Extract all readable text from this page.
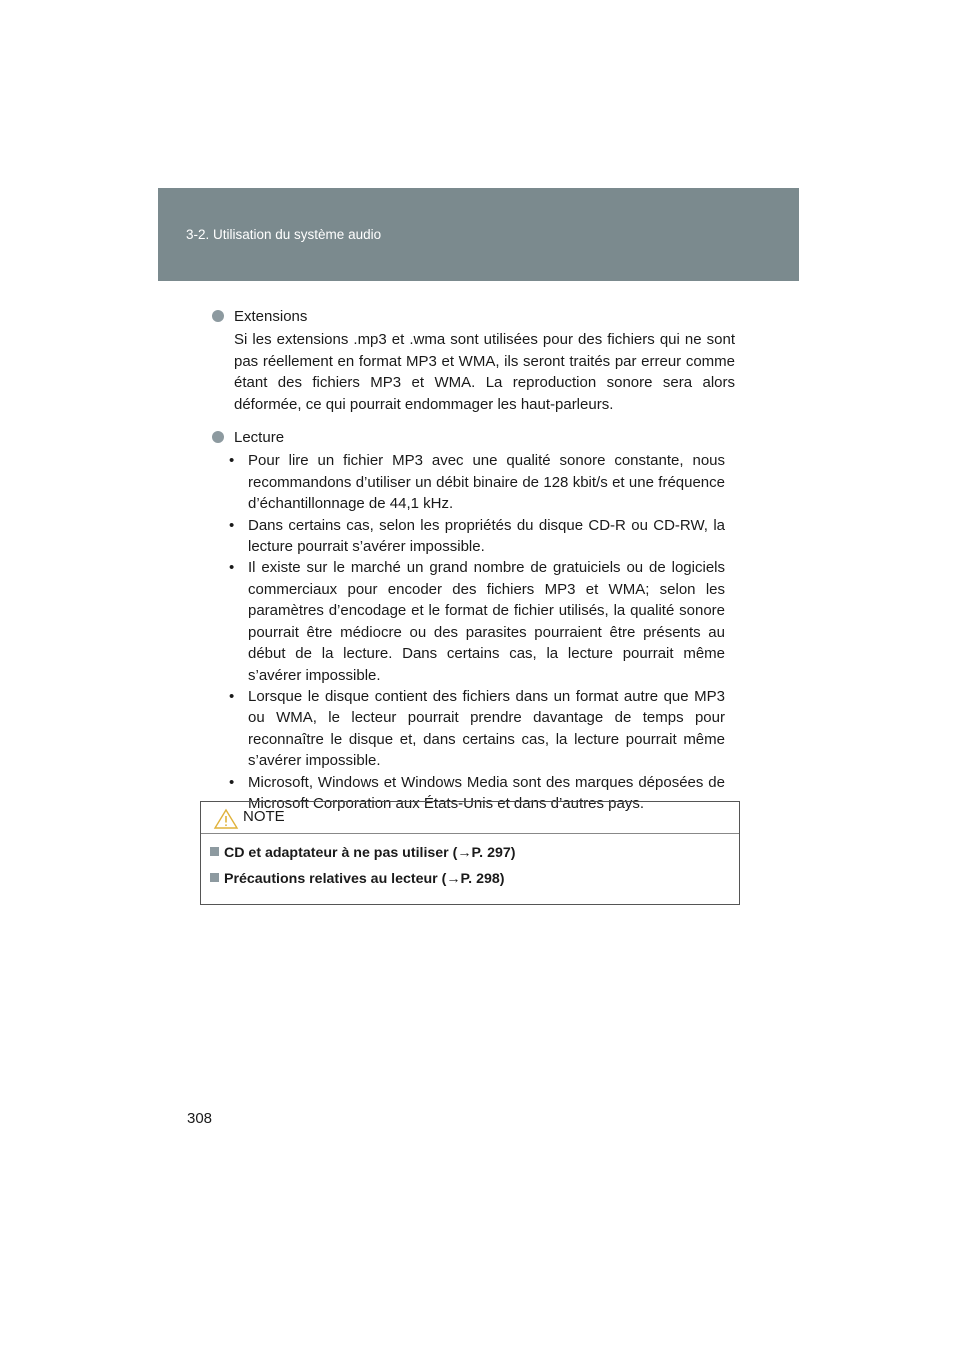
3-2. Utilisation du système audio

Extensions

Si les extensions .mp3 et .wma sont utilisées pour des fichiers qui ne sont pas réellement en format MP3 et WMA, ils seront traités par erreur comme étant des fichiers MP3 et WMA. La reproduction sonore sera alors déformée, ce qui pourrait endommager les haut-parleurs.

Lecture

• Pour lire un fichier MP3 avec une qualité sonore constante, nous recommandons d’utiliser un débit binaire de 128 kbit/s et une fréquence d’échantillonnage de 44,1 kHz.
• Dans certains cas, selon les propriétés du disque CD-R ou CD-RW, la lecture pourrait s’avérer impossible.
• Il existe sur le marché un grand nombre de gratuiciels ou de logiciels commerciaux pour encoder des fichiers MP3 et WMA; selon les paramètres d’encodage et le format de fichier utilisés, la qualité sonore pourrait être médiocre ou des parasites pourraient être présents au début de la lecture. Dans certains cas, la lecture pourrait même s’avérer impossible.
• Lorsque le disque contient des fichiers dans un format autre que MP3 ou WMA, le lecteur pourrait prendre davantage de temps pour reconnaître le disque et, dans certains cas, la lecture pourrait même s’avérer impossible.
• Microsoft, Windows et Windows Media sont des marques déposées de Microsoft Corporation aux États-Unis et dans d’autres pays.
NOTE
CD et adaptateur à ne pas utiliser (→P. 297)
Précautions relatives au lecteur (→P. 298)
308
